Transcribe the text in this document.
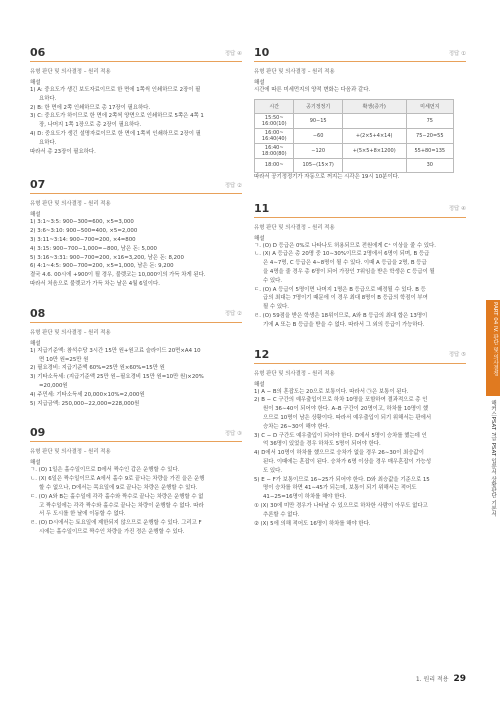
06	정답 ④
유형 판단 및 의사결정 – 원리 적용
해설
1) A: 중요도가 생긴 보도자료이므로 한 면에 1쪽씩 인쇄하므로 2장이 필
요하다.
2) B: 한 면에 2쪽 인쇄하므로 총 17장이 필요하다.
3) C: 중요도가 하이므로 한 면에 2쪽씩 양면으로 인쇄하므로 5쪽은 4쪽 1
장, 나머지 1쪽 1장으로 총 2장이 필요하다.
4) D: 중요도가 생긴 설명자료이므로 한 면에 1쪽씩 인쇄하므로 2장이 필
요하다.
따라서 총 23장이 필요하다.
07	정답 ②
유형 판단 및 의사결정 – 원리 적용
해설
1) 3:1~3:5: 900−300=600, ×5=3,000
2) 3:6~3:10: 900−500=400, ×5=2,000
3) 3:11~3:14: 900−700=200, ×4=800
4) 3:15: 900−700−1,000=−800, 남은 돈: 5,000
5) 3:16~3:31: 900−700=200, ×16=3,200, 남은 돈: 8,200
6) 4:1~4:5: 900−700=200, ×5=1,000, 남은 돈: 9,200
결국 4.6. 00시에 +900이 될 경우, 불렛코는 10,000이의 가득 차게 된다.
따라서 처음으로 불렛코가 가득 차는 날은 4월 6일이다.
08	정답 ②
유형 판단 및 의사결정 – 원리 적용
해설
1) 지급기준액: 참석수당 3시간 15만 원+원고료 슬라이드 20면×A4 10
면 10만 원=25만 원
2) 필요경비: 지급기준액 60%=25만 원×60%=15만 원
3) 기타소득세: (지급기준액 25만 원−필요경비 15만 원=10만 원)×20%
=20,000원
4) 주민세: 기타소득세 20,000×10%=2,000원
5) 지급금액: 250,000−22,000=228,000원
09	정답 ③
유형 판단 및 의사결정 – 원리 적용
해설
ㄱ. (O) 1일은 홀수일이므로 D에서 짝수인 갑은 운행할 수 있다.
ㄴ. (X) 6일은 짝수일이므로 A에서 홀수 9로 끝나는 차량을 가진 을은 운행
할 수 없으나, D에서는 목요일에 9로 끝나는 차량은 운행할 수 있다.
ㄷ. (O) A와 B는 홀수일에 각각 홀수와 짝수로 끝나는 차량은 운행할 수 없
고 짝수일에는 각각 짝수와 홀수로 끝나는 차량이 운행할 수 없다. 따라
서 두 도시를 한 날에 이동할 수 없다.
ㄹ. (O) D시에서는 토요일에 제한되지 않으므로 운행할 수 있다. 그리고 F
시에는 홀수일이므로 짝수인 차량을 가진 정은 운행할 수 있다.
10	정답 ①
유형 판단 및 의사결정 – 원리 적용
해설
시간에 따른 미세먼지의 양적 변화는 다음과 같다.
시간	공기정정기	확생(증가)	미세먼지
15:50~
16:00(10)	90−15		75
16:00~
16:40(40)	−60	+(2×5+4×14)	75−20=55
16:40~
18:00(80)	−120	+(5×5+8×1200)	55+80=135
18:00~	105−(15×7)		30
따라서 공기정정기가 자동으로 꺼지는 시각은 19시 10분이다.
11	정답 ④
유형 판단 및 의사결정 – 원리 적용
해설
ㄱ. (O) D 등급은 0%로 나타나도 허용되므로 전원에게 C⁺ 이상을 줄 수 있다.
ㄴ. (X) A 등급은 총 20명 중 10∼30%이므로 2명에서 6명이 되며, B 등급
은 4∼7명, C 등급은 4∼8명이 될 수 있다. 이때 A 등급을 2명, B 등급
을 4명을 줄 경우 총 6명이 되어 가장인 7위임을 받은 학생은 C 등급이 될
수 있다.
ㄷ. (O) A 등급이 5명이면 나머지 1명은 B 등급으로 배정될 수 있다. B 등
급의 최대는 7명이기 때문에 이 경우 최대 8명이 B 등급의 학점이 부여
될 수 있다.
ㄹ. (O) 59점을 받은 학생은 18위이므로, A와 B 등급의 최대 합은 13명이
기에 A 또는 B 등급을 받을 수 없다. 따라서 그 외의 등급이 가능하다.
12	정답 ⑤
유형 판단 및 의사결정 – 원리 적용
해설
1) A − B의 혼잡도는 20으로 보통이다. 따라서 ㉠은 보통이 된다.
2) B − C 구간의 예우출입이므로 하차 10명을 포함하여 결과적으로 총 인
원이 36∼40이 되어야 한다. A–B 구간이 20명이고, 하차를 10명이 했
으므로 10명이 남은 상황이다. 따라서 예우출입이 되기 위해서는 판에서
승차는 26∼30이 해야 한다.
3) C − D 구간도 예우출입이 되어야 한다. D에서 5명이 승차를 했는데 인
억 36명이 있었을 경우 하차도 5명이 되어야 한다.
4) D에서 10명이 하차를 했으므로 승차가 없을 경우 26∼30이 최승값이
된다. 이때에는 혼잡이 된다. 승차가 6명 이상을 경우 매우혼잡이 가능성
도 있다.
5) E − F가 보통이므로 16∼25가 되어야 한다. D와 최승값을 기준으로 15
명이 승차를 하면 41∼45가 되는데, 보통이 되기 위해서는 적어도
41−25=16명이 하차를 해야 한다.
① (X) 30에 미만 경우가 나타날 수 있으므로 하차한 사람이 아무도 없다고
추론할 수 없다.
② (X) 5에 의해 적어도 16명이 하차를 해야 한다.
PART 04 IV. 판단 및 의사결정
해커스PSAT 7급 PSAT 입문서 상황판단 기본서
1. 원리 적용 29
